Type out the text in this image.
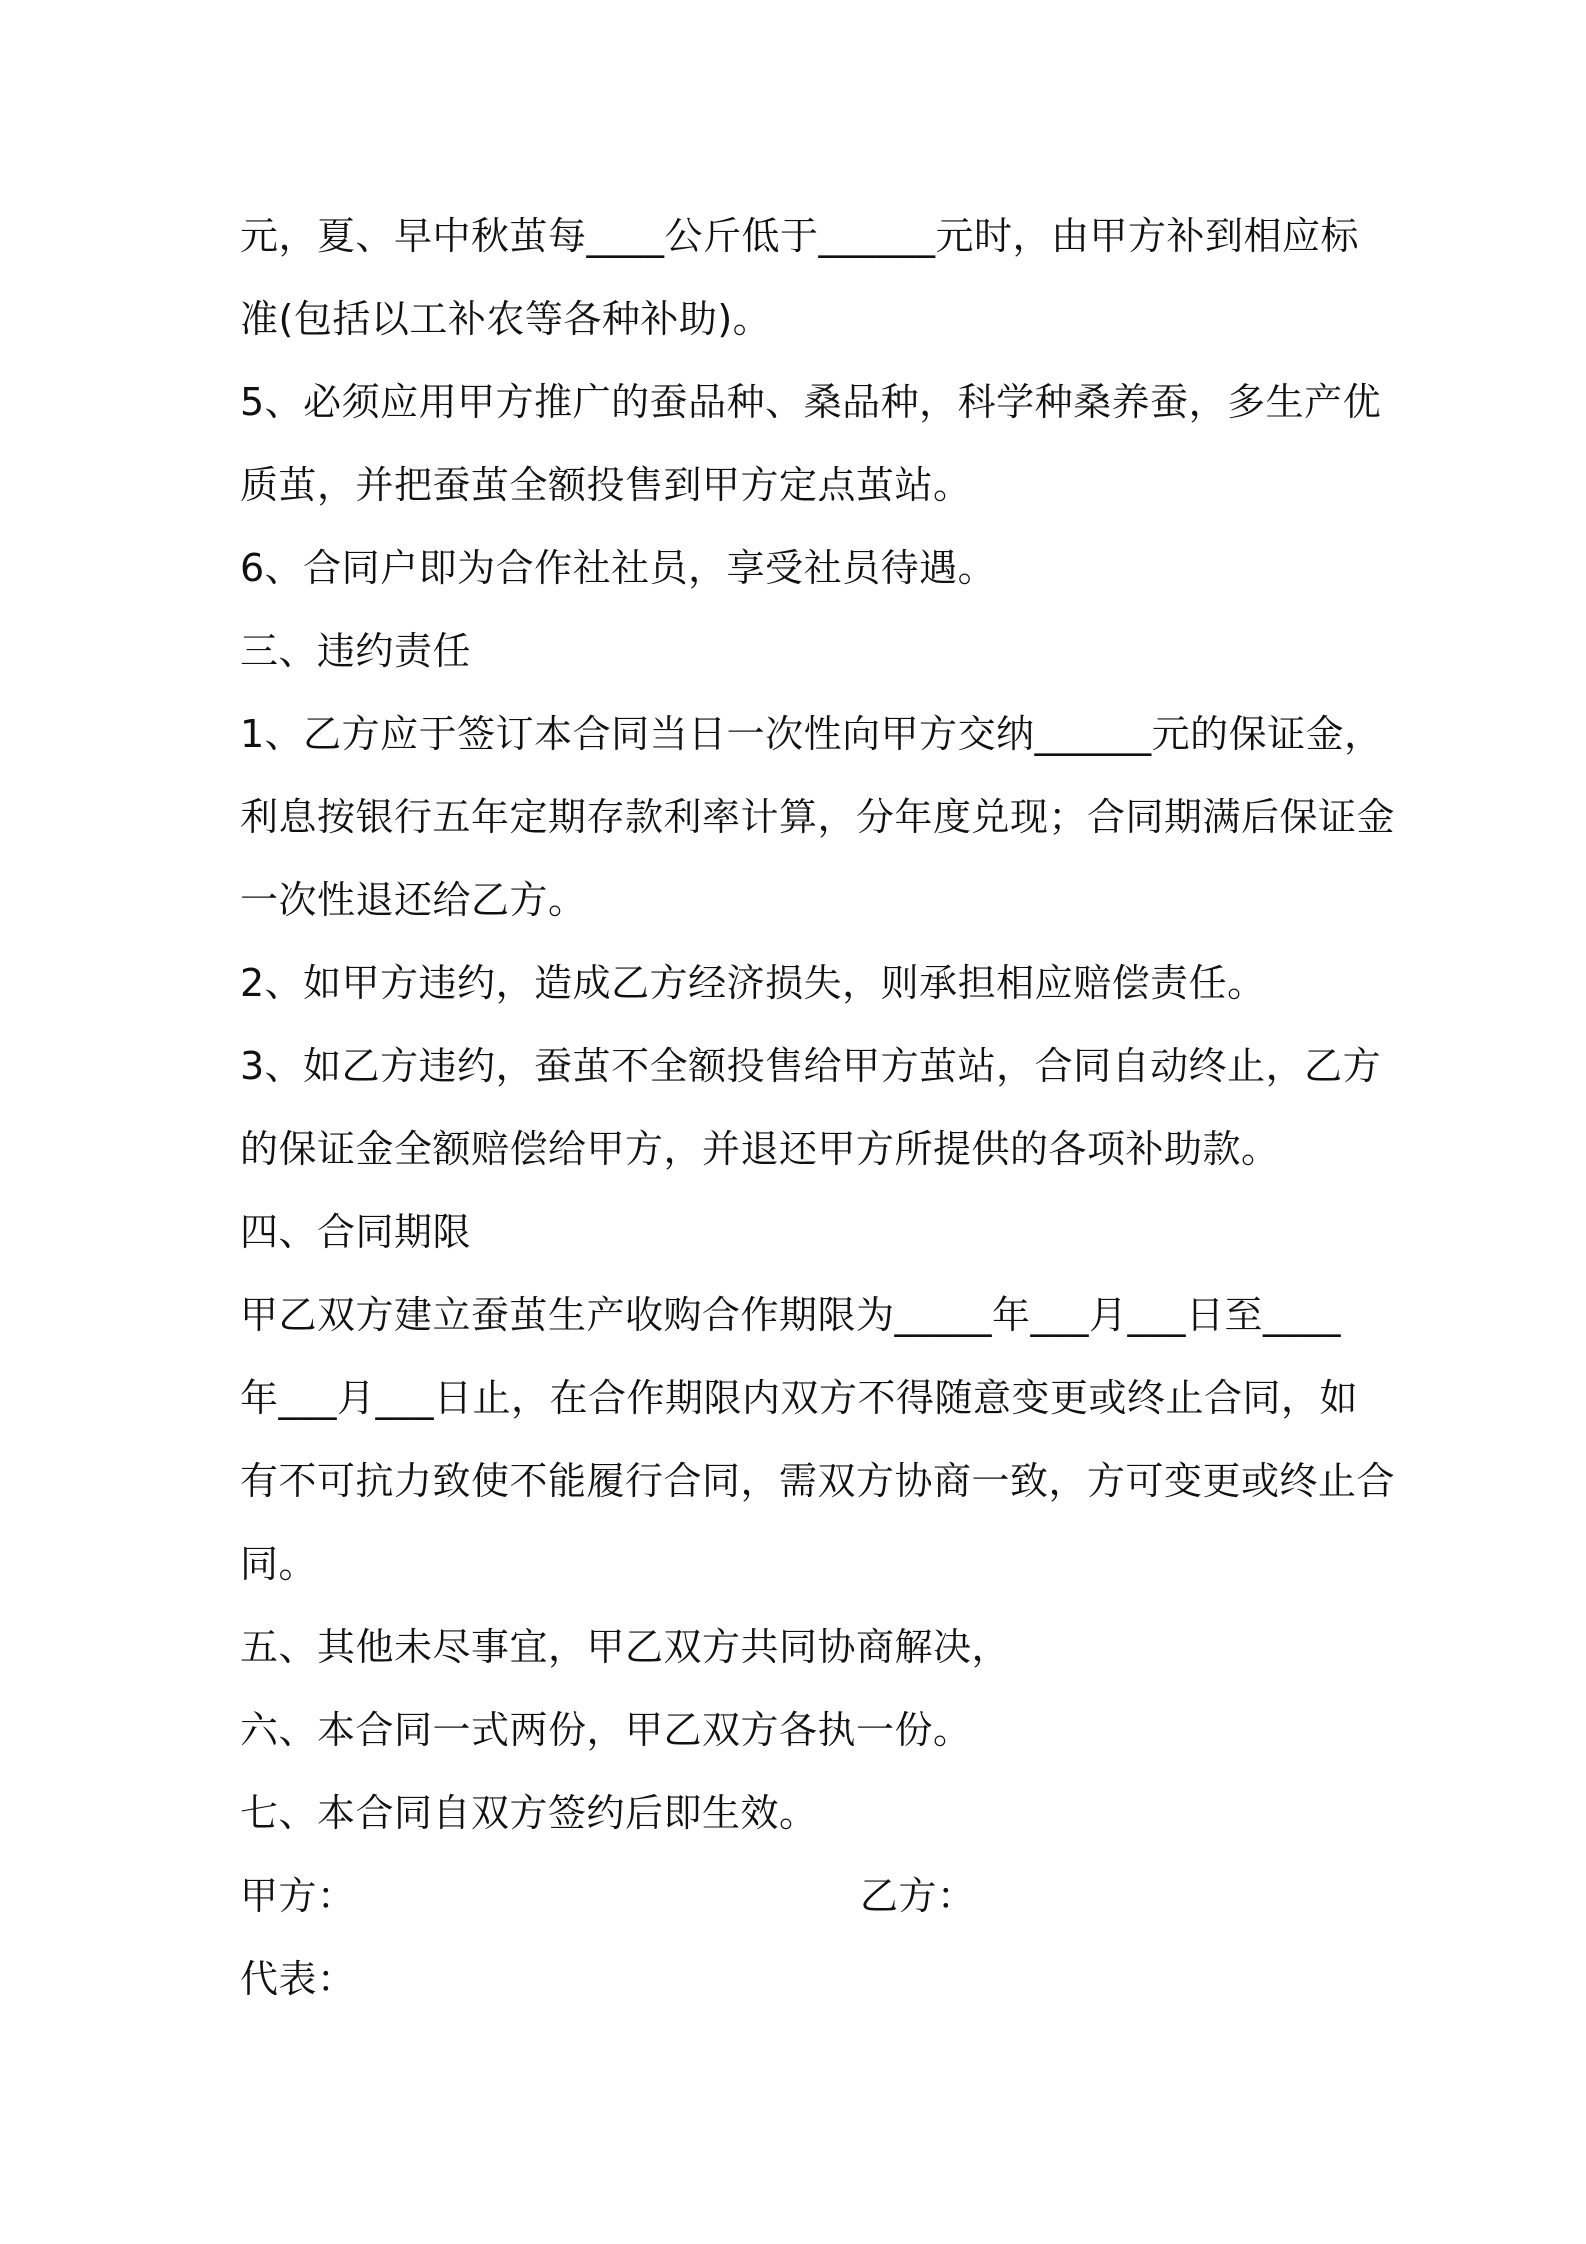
元，夏、早中秋茧每____公斤低于______元时，由甲方补到相应标
准(包括以工补农等各种补助)。
5、必须应用甲方推广的蚕品种、桑品种，科学种桑养蚕，多生产优
质茧，并把蚕茧全额投售到甲方定点茧站。
6、合同户即为合作社社员，享受社员待遇。
三、违约责任
1、乙方应于签订本合同当日一次性向甲方交纳______元的保证金，
利息按银行五年定期存款利率计算，分年度兑现；合同期满后保证金
一次性退还给乙方。
2、如甲方违约，造成乙方经济损失，则承担相应赔偿责任。
3、如乙方违约，蚕茧不全额投售给甲方茧站，合同自动终止，乙方
的保证金全额赔偿给甲方，并退还甲方所提供的各项补助款。
四、合同期限
甲乙双方建立蚕茧生产收购合作期限为_____年___月___日至____
年___月___日止，在合作期限内双方不得随意变更或终止合同，如
有不可抗力致使不能履行合同，需双方协商一致，方可变更或终止合
同。
五、其他未尽事宜，甲乙双方共同协商解决，
六、本合同一式两份，甲乙双方各执一份。
七、本合同自双方签约后即生效。
甲方：	乙方：
代表：
